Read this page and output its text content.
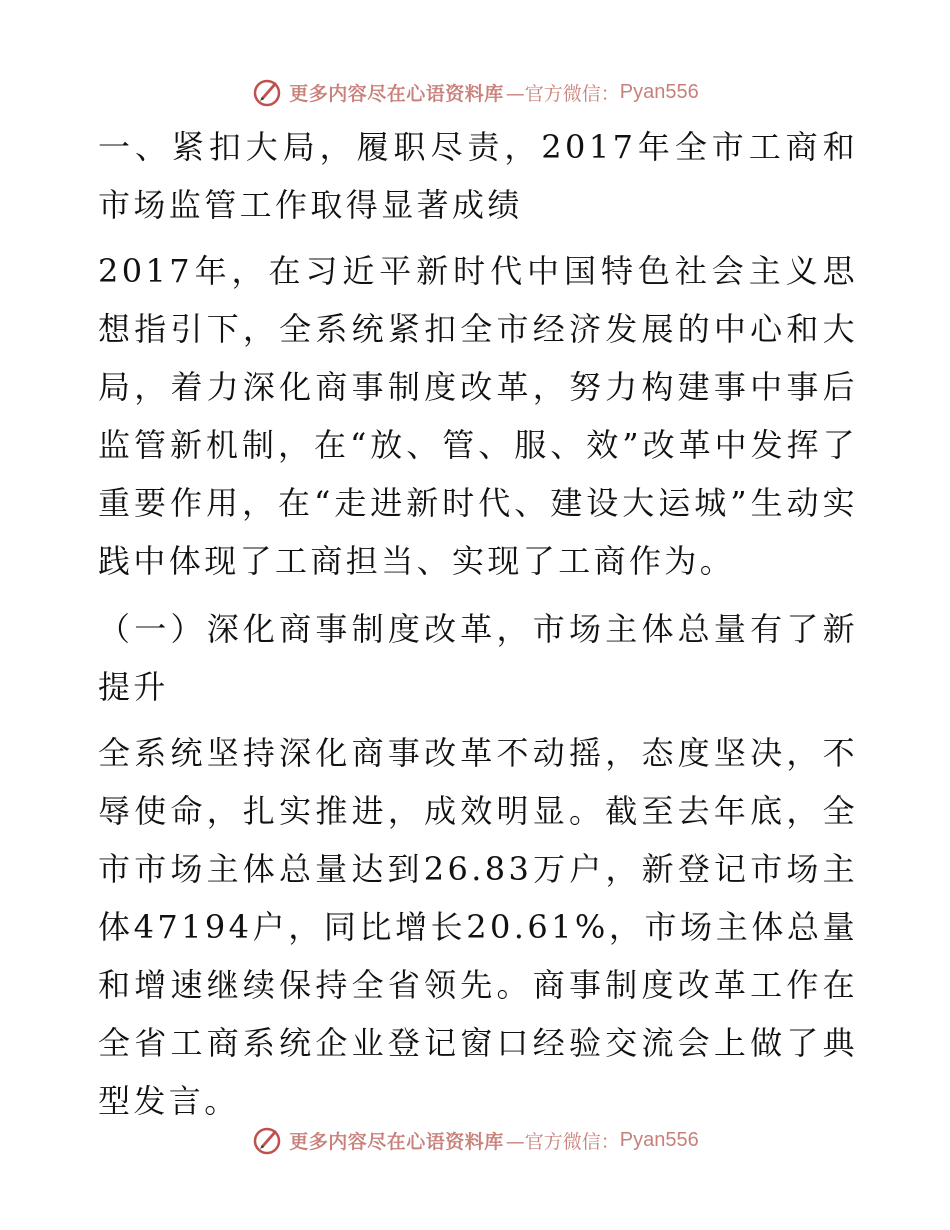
更多内容尽在心语资料库 —官方微信： Pyan556

一、紧扣大局，履职尽责，2017年全市工商和市场监管工作取得显著成绩

2017年，在习近平新时代中国特色社会主义思想指引下，全系统紧扣全市经济发展的中心和大局，着力深化商事制度改革，努力构建事中事后监管新机制，在“放、管、服、效”改革中发挥了重要作用，在“走进新时代、建设大运城”生动实践中体现了工商担当、实现了工商作为。

（一）深化商事制度改革，市场主体总量有了新提升

全系统坚持深化商事改革不动摇，态度坚决，不辱使命，扎实推进，成效明显。截至去年底，全市市场主体总量达到26.83万户，新登记市场主体47194户，同比增长20.61%，市场主体总量和增速继续保持全省领先。商事制度改革工作在全省工商系统企业登记窗口经验交流会上做了典型发言。

更多内容尽在心语资料库 —官方微信： Pyan556
